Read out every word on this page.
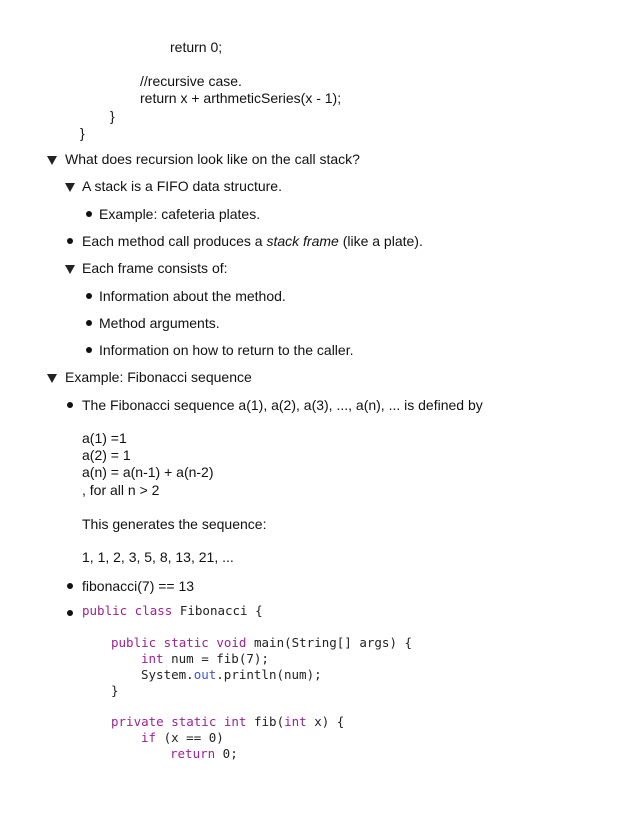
return 0;
//recursive case.
return x + arthmeticSeries(x - 1);
}
}
What does recursion look like on the call stack?
A stack is a FIFO data structure.
Example: cafeteria plates.
Each method call produces a stack frame (like a plate).
Each frame consists of:
Information about the method.
Method arguments.
Information on how to return to the caller.
Example: Fibonacci sequence
The Fibonacci sequence a(1), a(2), a(3), ..., a(n), ... is defined by
a(1) =1
a(2) = 1
a(n) = a(n-1) + a(n-2)
, for all n > 2
This generates the sequence:
1, 1, 2, 3, 5, 8, 13, 21, ...
fibonacci(7) == 13
public class Fibonacci {
public static void main(String[] args) {
int num = fib(7);
System.out.println(num);
}
private static int fib(int x) {
if (x == 0)
return 0;
